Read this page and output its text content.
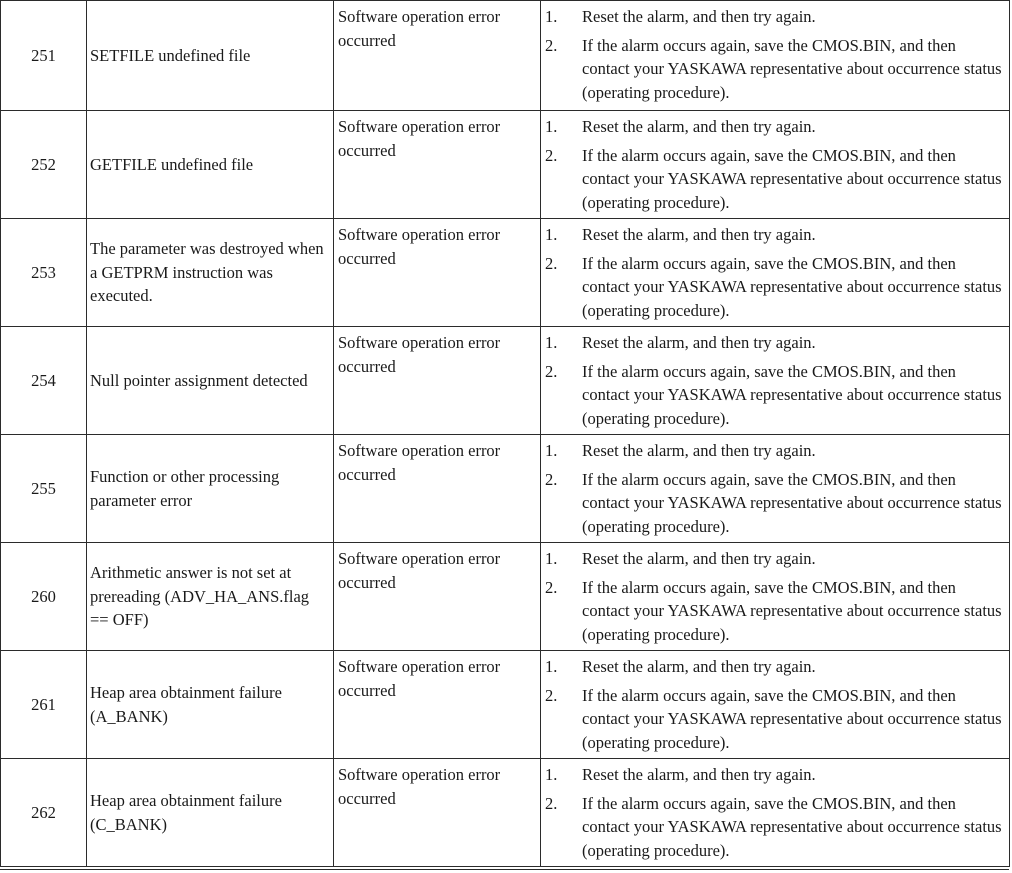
251	SETFILE undefined file	Software operation error occurred	1. Reset the alarm, and then try again.
2. If the alarm occurs again, save the CMOS.BIN, and then contact your YASKAWA representative about occurrence status (operating procedure).

252	GETFILE undefined file	Software operation error occurred	1. Reset the alarm, and then try again.
2. If the alarm occurs again, save the CMOS.BIN, and then contact your YASKAWA representative about occurrence status (operating procedure).

253	The parameter was destroyed when a GETPRM instruction was executed.	Software operation error occurred	1. Reset the alarm, and then try again.
2. If the alarm occurs again, save the CMOS.BIN, and then contact your YASKAWA representative about occurrence status (operating procedure).

254	Null pointer assignment detected	Software operation error occurred	1. Reset the alarm, and then try again.
2. If the alarm occurs again, save the CMOS.BIN, and then contact your YASKAWA representative about occurrence status (operating procedure).

255	Function or other processing parameter error	Software operation error occurred	1. Reset the alarm, and then try again.
2. If the alarm occurs again, save the CMOS.BIN, and then contact your YASKAWA representative about occurrence status (operating procedure).

260	Arithmetic answer is not set at prereading (ADV_HA_ANS.flag == OFF)	Software operation error occurred	1. Reset the alarm, and then try again.
2. If the alarm occurs again, save the CMOS.BIN, and then contact your YASKAWA representative about occurrence status (operating procedure).

261	Heap area obtainment failure (A_BANK)	Software operation error occurred	1. Reset the alarm, and then try again.
2. If the alarm occurs again, save the CMOS.BIN, and then contact your YASKAWA representative about occurrence status (operating procedure).

262	Heap area obtainment failure (C_BANK)	Software operation error occurred	1. Reset the alarm, and then try again.
2. If the alarm occurs again, save the CMOS.BIN, and then contact your YASKAWA representative about occurrence status (operating procedure).
